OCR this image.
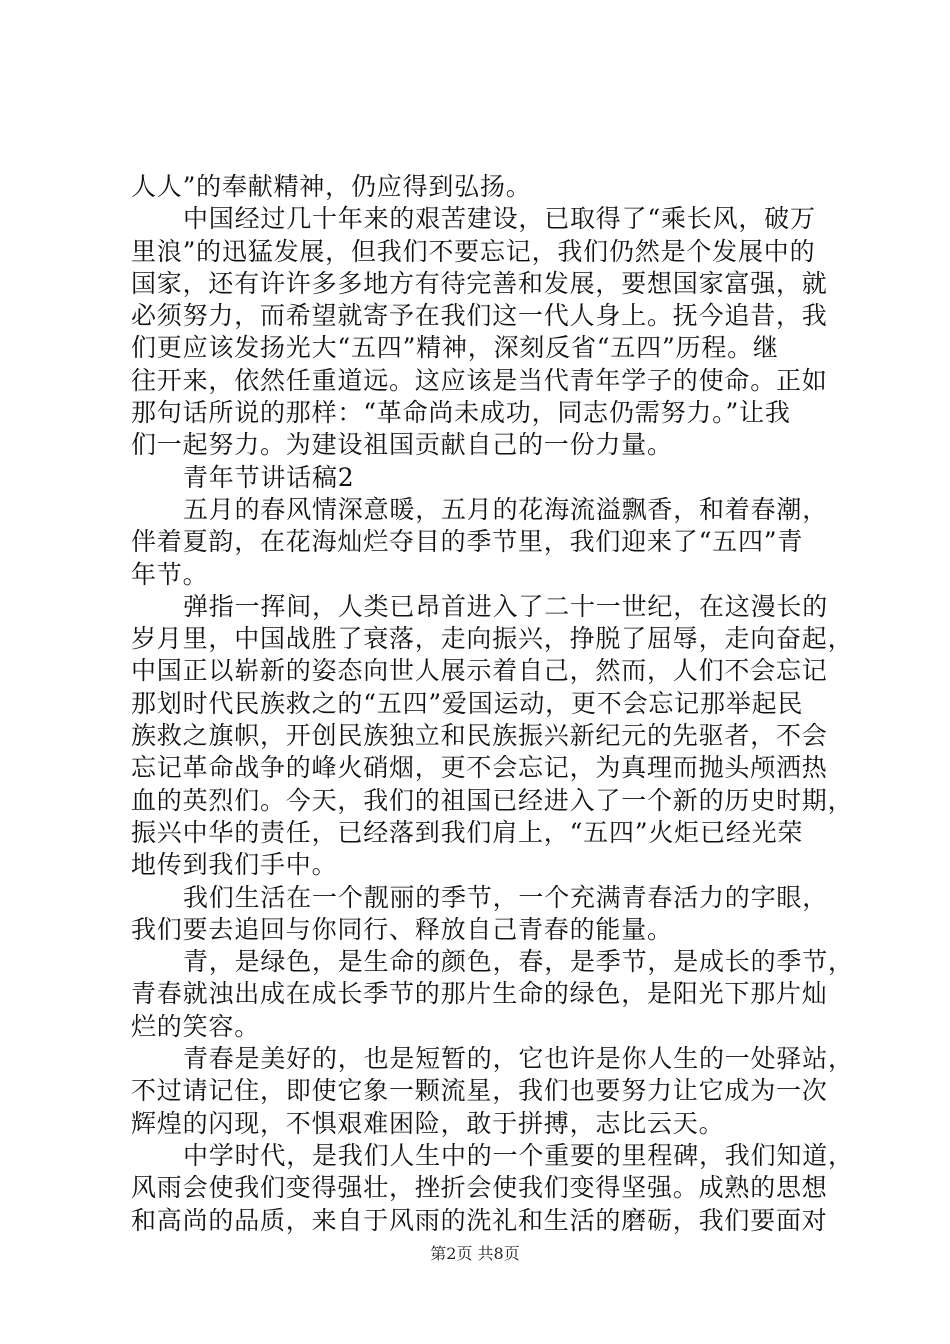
人人”的奉献精神，仍应得到弘扬。
中国经过几十年来的艰苦建设，已取得了“乘长风，破万
里浪”的迅猛发展，但我们不要忘记，我们仍然是个发展中的
国家，还有许许多多地方有待完善和发展，要想国家富强，就
必须努力，而希望就寄予在我们这一代人身上。抚今追昔，我
们更应该发扬光大“五四”精神，深刻反省“五四”历程。继
往开来，依然任重道远。这应该是当代青年学子的使命。正如
那句话所说的那样：“革命尚未成功，同志仍需努力。”让我
们一起努力。为建设祖国贡献自己的一份力量。
青年节讲话稿2
五月的春风情深意暖，五月的花海流溢飘香，和着春潮，
伴着夏韵，在花海灿烂夺目的季节里，我们迎来了“五四”青
年节。
弹指一挥间，人类已昂首进入了二十一世纪，在这漫长的
岁月里，中国战胜了衰落，走向振兴，挣脱了屈辱，走向奋起，
中国正以崭新的姿态向世人展示着自己，然而，人们不会忘记
那划时代民族救之的“五四”爱国运动，更不会忘记那举起民
族救之旗帜，开创民族独立和民族振兴新纪元的先驱者，不会
忘记革命战争的峰火硝烟，更不会忘记，为真理而抛头颅洒热
血的英烈们。今天，我们的祖国已经进入了一个新的历史时期，
振兴中华的责任，已经落到我们肩上，“五四”火炬已经光荣
地传到我们手中。
我们生活在一个靓丽的季节，一个充满青春活力的字眼，
我们要去追回与你同行、释放自己青春的能量。
青，是绿色，是生命的颜色，春，是季节，是成长的季节，
青春就浊出成在成长季节的那片生命的绿色，是阳光下那片灿
烂的笑容。
青春是美好的，也是短暂的，它也许是你人生的一处驿站，
不过请记住，即使它象一颗流星，我们也要努力让它成为一次
辉煌的闪现，不惧艰难困险，敢于拼搏，志比云天。
中学时代，是我们人生中的一个重要的里程碑，我们知道，
风雨会使我们变得强壮，挫折会使我们变得坚强。成熟的思想
和高尚的品质，来自于风雨的洗礼和生活的磨砺，我们要面对
第2页 共8页
